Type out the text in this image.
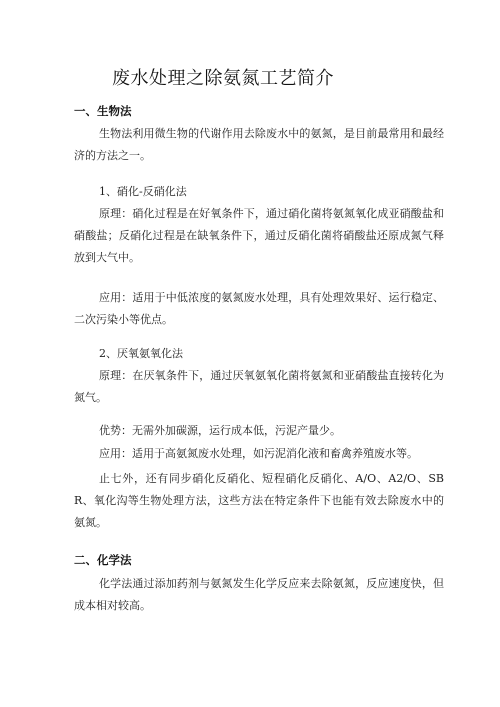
废水处理之除氨氮工艺简介
一、生物法
生物法利用微生物的代谢作用去除废水中的氨氮，是目前最常用和最经济的方法之一。
1、硝化-反硝化法
原理：硝化过程是在好氧条件下，通过硝化菌将氨氮氧化成亚硝酸盐和硝酸盐；反硝化过程是在缺氧条件下，通过反硝化菌将硝酸盐还原成氮气释放到大气中。
应用：适用于中低浓度的氨氮废水处理，具有处理效果好、运行稳定、二次污染小等优点。
2、厌氧氨氧化法
原理：在厌氧条件下，通过厌氧氨氧化菌将氨氮和亚硝酸盐直接转化为氮气。
优势：无需外加碳源，运行成本低，污泥产量少。
应用：适用于高氨氮废水处理，如污泥消化液和畜禽养殖废水等。
止七外，还有同步硝化反硝化、短程硝化反硝化、A/O、A2/O、SBR、氧化沟等生物处理方法，这些方法在特定条件下也能有效去除废水中的氨氮。
二、化学法
化学法通过添加药剂与氨氮发生化学反应来去除氨氮，反应速度快，但成本相对较高。
